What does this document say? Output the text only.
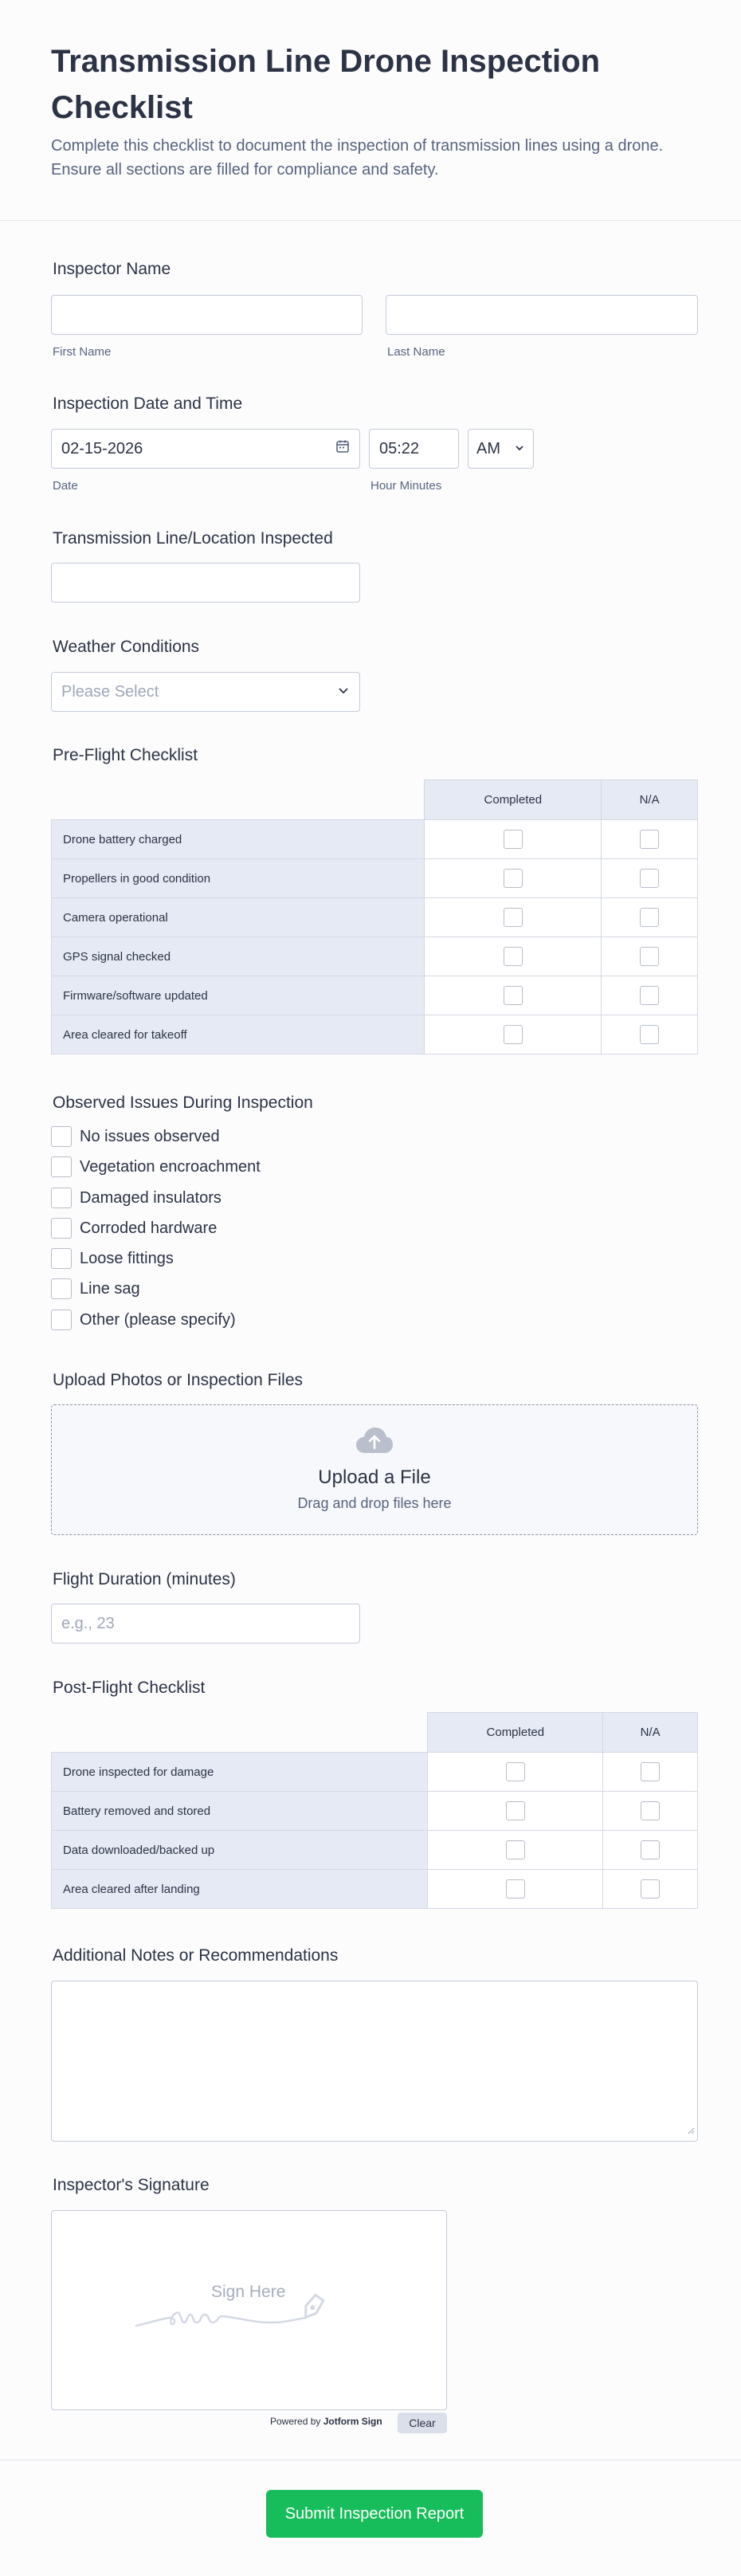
Transmission Line Drone Inspection Checklist
Complete this checklist to document the inspection of transmission lines using a drone. Ensure all sections are filled for compliance and safety.
Inspector Name
First Name	Last Name
Inspection Date and Time
02-15-2026	05:22	AM
Date	Hour Minutes
Transmission Line/Location Inspected
Weather Conditions
Please Select
Pre-Flight Checklist
	Completed	N/A
Drone battery charged		
Propellers in good condition		
Camera operational		
GPS signal checked		
Firmware/software updated		
Area cleared for takeoff		
Observed Issues During Inspection
No issues observed
Vegetation encroachment
Damaged insulators
Corroded hardware
Loose fittings
Line sag
Other (please specify)
Upload Photos or Inspection Files
Upload a File
Drag and drop files here
Flight Duration (minutes)
e.g., 23
Post-Flight Checklist
	Completed	N/A
Drone inspected for damage		
Battery removed and stored		
Data downloaded/backed up		
Area cleared after landing		
Additional Notes or Recommendations
Inspector's Signature
Sign Here
Powered by Jotform Sign	Clear
Submit Inspection Report
